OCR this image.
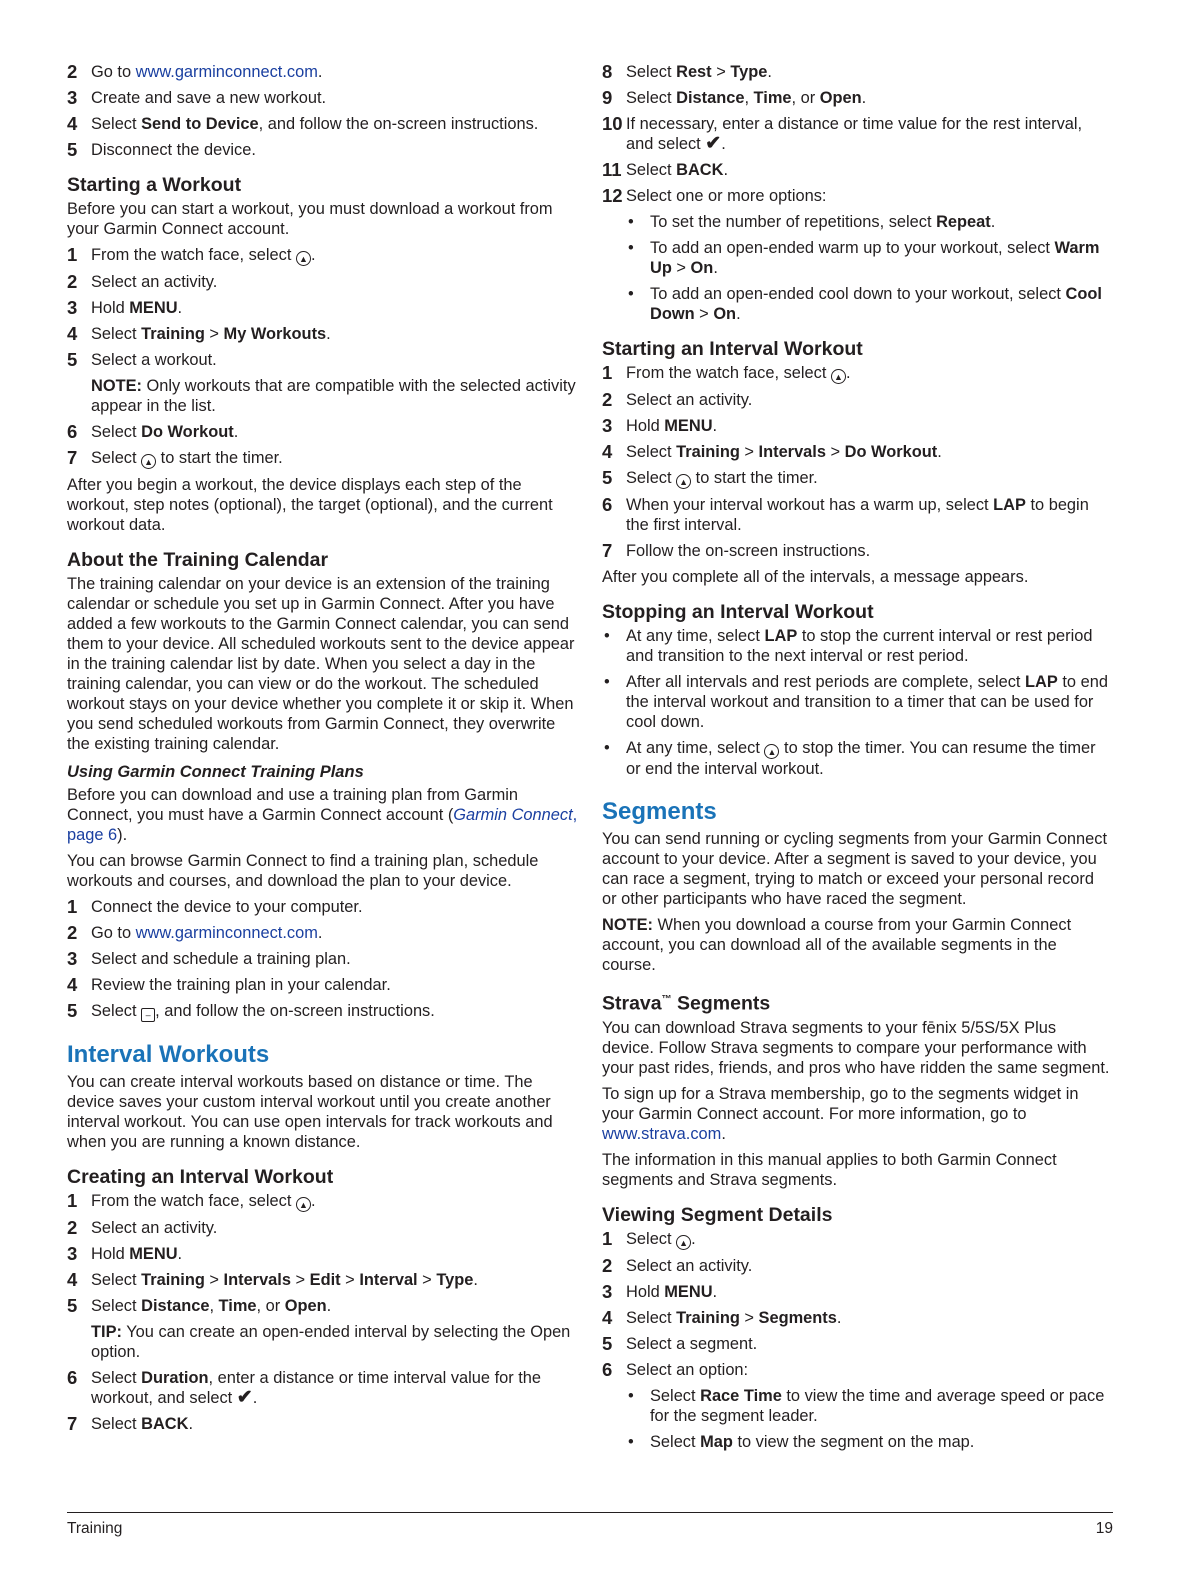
2 Go to www.garminconnect.com.
3 Create and save a new workout.
4 Select Send to Device, and follow the on-screen instructions.
5 Disconnect the device.
Starting a Workout

Before you can start a workout, you must download a workout from your Garmin Connect account.

1 From the watch face, select ▲ .
2 Select an activity.
3 Hold MENU.
4 Select Training > My Workouts.
5 Select a workout.
NOTE: Only workouts that are compatible with the selected activity appear in the list.
6 Select Do Workout.
7 Select ▲ to start the timer.

After you begin a workout, the device displays each step of the workout, step notes (optional), the target (optional), and the current workout data.

About the Training Calendar

The training calendar on your device is an extension of the training calendar or schedule you set up in Garmin Connect. After you have added a few workouts to the Garmin Connect calendar, you can send them to your device. All scheduled workouts sent to the device appear in the training calendar list by date. When you select a day in the training calendar, you can view or do the workout. The scheduled workout stays on your device whether you complete it or skip it. When you send scheduled workouts from Garmin Connect, they overwrite the existing training calendar.

Using Garmin Connect Training Plans

Before you can download and use a training plan from Garmin Connect, you must have a Garmin Connect account (Garmin Connect, page 6).

You can browse Garmin Connect to find a training plan, schedule workouts and courses, and download the plan to your device.

1 Connect the device to your computer.
2 Go to www.garminconnect.com.
3 Select and schedule a training plan.
4 Review the training plan in your calendar.
5 Select – , and follow the on-screen instructions.
Interval Workouts

You can create interval workouts based on distance or time. The device saves your custom interval workout until you create another interval workout. You can use open intervals for track workouts and when you are running a known distance.

Creating an Interval Workout
1 From the watch face, select ▲ .
2 Select an activity.
3 Hold MENU.
4 Select Training > Intervals > Edit > Interval > Type.
5 Select Distance, Time, or Open.
TIP: You can create an open-ended interval by selecting the Open option.
6 Select Duration, enter a distance or time interval value for the workout, and select ✔.
7 Select BACK.
8 Select Rest > Type.
9 Select Distance, Time, or Open.
10 If necessary, enter a distance or time value for the rest interval, and select ✔.
11 Select BACK.
12 Select one or more options:
• To set the number of repetitions, select Repeat.
• To add an open-ended warm up to your workout, select Warm Up > On.
• To add an open-ended cool down to your workout, select Cool Down > On.
Starting an Interval Workout
1 From the watch face, select ▲ .
2 Select an activity.
3 Hold MENU.
4 Select Training > Intervals > Do Workout.
5 Select ▲ to start the timer.
6 When your interval workout has a warm up, select LAP to begin the first interval.
7 Follow the on-screen instructions.

After you complete all of the intervals, a message appears.

Stopping an Interval Workout
• At any time, select LAP to stop the current interval or rest period and transition to the next interval or rest period.
• After all intervals and rest periods are complete, select LAP to end the interval workout and transition to a timer that can be used for cool down.
• At any time, select ▲ to stop the timer. You can resume the timer or end the interval workout.
Segments

You can send running or cycling segments from your Garmin Connect account to your device. After a segment is saved to your device, you can race a segment, trying to match or exceed your personal record or other participants who have raced the segment.

NOTE: When you download a course from your Garmin Connect account, you can download all of the available segments in the course.

Strava™ Segments

You can download Strava segments to your fēnix 5/5S/5X Plus device. Follow Strava segments to compare your performance with your past rides, friends, and pros who have ridden the same segment.

To sign up for a Strava membership, go to the segments widget in your Garmin Connect account. For more information, go to www.strava.com.

The information in this manual applies to both Garmin Connect segments and Strava segments.

Viewing Segment Details
1 Select ▲ .
2 Select an activity.
3 Hold MENU.
4 Select Training > Segments.
5 Select a segment.
6 Select an option:
• Select Race Time to view the time and average speed or pace for the segment leader.
• Select Map to view the segment on the map.
Training	19
